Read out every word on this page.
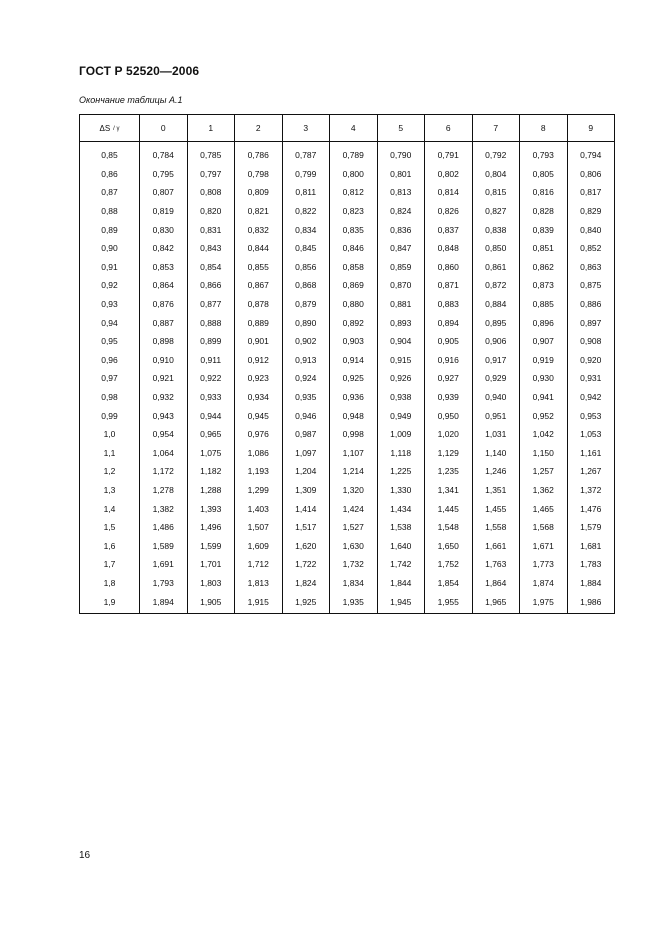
ГОСТ Р 52520—2006
Окончание таблицы А.1
ΔS / γ	0	1	2	3	4	5	6	7	8	9
0,85	0,784	0,785	0,786	0,787	0,789	0,790	0,791	0,792	0,793	0,794
0,86	0,795	0,797	0,798	0,799	0,800	0,801	0,802	0,804	0,805	0,806
0,87	0,807	0,808	0,809	0,811	0,812	0,813	0,814	0,815	0,816	0,817
0,88	0,819	0,820	0,821	0,822	0,823	0,824	0,826	0,827	0,828	0,829
0,89	0,830	0,831	0,832	0,834	0,835	0,836	0,837	0,838	0,839	0,840
0,90	0,842	0,843	0,844	0,845	0,846	0,847	0,848	0,850	0,851	0,852
0,91	0,853	0,854	0,855	0,856	0,858	0,859	0,860	0,861	0,862	0,863
0,92	0,864	0,866	0,867	0,868	0,869	0,870	0,871	0,872	0,873	0,875
0,93	0,876	0,877	0,878	0,879	0,880	0,881	0,883	0,884	0,885	0,886
0,94	0,887	0,888	0,889	0,890	0,892	0,893	0,894	0,895	0,896	0,897
0,95	0,898	0,899	0,901	0,902	0,903	0,904	0,905	0,906	0,907	0,908
0,96	0,910	0,911	0,912	0,913	0,914	0,915	0,916	0,917	0,919	0,920
0,97	0,921	0,922	0,923	0,924	0,925	0,926	0,927	0,929	0,930	0,931
0,98	0,932	0,933	0,934	0,935	0,936	0,938	0,939	0,940	0,941	0,942
0,99	0,943	0,944	0,945	0,946	0,948	0,949	0,950	0,951	0,952	0,953
1,0	0,954	0,965	0,976	0,987	0,998	1,009	1,020	1,031	1,042	1,053
1,1	1,064	1,075	1,086	1,097	1,107	1,118	1,129	1,140	1,150	1,161
1,2	1,172	1,182	1,193	1,204	1,214	1,225	1,235	1,246	1,257	1,267
1,3	1,278	1,288	1,299	1,309	1,320	1,330	1,341	1,351	1,362	1,372
1,4	1,382	1,393	1,403	1,414	1,424	1,434	1,445	1,455	1,465	1,476
1,5	1,486	1,496	1,507	1,517	1,527	1,538	1,548	1,558	1,568	1,579
1,6	1,589	1,599	1,609	1,620	1,630	1,640	1,650	1,661	1,671	1,681
1,7	1,691	1,701	1,712	1,722	1,732	1,742	1,752	1,763	1,773	1,783
1,8	1,793	1,803	1,813	1,824	1,834	1,844	1,854	1,864	1,874	1,884
1,9	1,894	1,905	1,915	1,925	1,935	1,945	1,955	1,965	1,975	1,986
16
